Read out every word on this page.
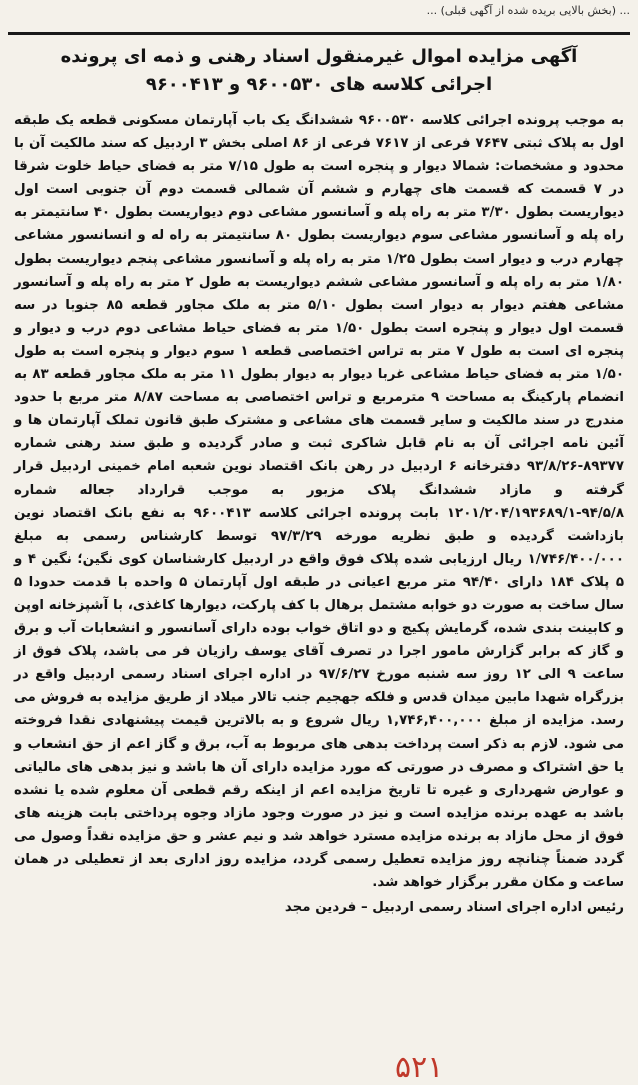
... (بخش بالایی بریده شده از آگهی قبلی) ...
آگهی مزایده اموال غیرمنقول اسناد رهنی و ذمه ای پرونده
اجرائی کلاسه های ۹۶۰۰۵۳۰ و ۹۶۰۰۴۱۳
به موجب پرونده اجرائی کلاسه ۹۶۰۰۵۳۰ ششدانگ یک باب آپارتمان مسکونی قطعه یک طبقه اول به پلاک ثبتی ۷۶۴۷ فرعی از ۷۶۱۷ فرعی از ۸۶ اصلی بخش ۳ اردبیل که سند مالکیت آن با محدود و مشخصات: شمالا دیوار و پنجره است به طول ۷/۱۵ متر به فضای حیاط خلوت شرقا در ۷ قسمت که قسمت های چهارم و ششم آن شمالی قسمت دوم آن جنوبی است اول دیواریست بطول ۳/۳۰ متر به راه پله و آسانسور مشاعی دوم دیواریست بطول ۴۰ سانتیمتر به راه پله و آسانسور مشاعی سوم دیواریست بطول ۸۰ سانتیمتر به راه له و انسانسور مشاعی چهارم درب و دیوار است بطول ۱/۲۵ متر به راه پله و آسانسور مشاعی پنجم دیواریست بطول ۱/۸۰ متر به راه پله و آسانسور مشاعی ششم دیواریست به طول ۲ متر به راه پله و آسانسور مشاعی هفتم دیوار به دیوار است بطول ۵/۱۰ متر به ملک مجاور قطعه ۸۵ جنوبا در سه قسمت اول دیوار و پنجره است بطول ۱/۵۰ متر به فضای حیاط مشاعی دوم درب و دیوار و پنجره ای است به طول ۷ متر به تراس اختصاصی قطعه ۱ سوم دیوار و پنجره است به طول ۱/۵۰ متر به فضای حیاط مشاعی غربا دیوار به دیوار بطول ۱۱ متر به ملک مجاور قطعه ۸۳ به انضمام پارکینگ به مساحت ۹ مترمربع و تراس اختصاصی به مساحت ۸/۸۷ متر مربع با حدود مندرج در سند مالکیت و سایر قسمت های مشاعی و مشترک طبق قانون تملک آپارتمان ها و آئین نامه اجرائی آن به نام قابل شاکری ثبت و صادر گردیده و طبق سند رهنی شماره ۸۹۳۷۷-۹۳/۸/۲۶ دفترخانه ۶ اردبیل در رهن بانک اقتصاد نوین شعبه امام خمینی اردبیل قرار گرفته و مازاد ششدانگ پلاک مزبور به موجب قرارداد جعاله شماره ۹۴/۵/۸-۱۲۰۱/۲۰۴/۱۹۳۶۸۹/۱ بابت پرونده اجرائی کلاسه ۹۶۰۰۴۱۳ به نفع بانک اقتصاد نوین بازداشت گردیده و طبق نظریه مورخه ۹۷/۳/۲۹ توسط کارشناس رسمی به مبلغ ۱/۷۴۶/۴۰۰/۰۰۰ ریال ارزیابی شده پلاک فوق واقع در اردبیل کارشناسان کوی نگین؛ نگین ۴ و ۵ پلاک ۱۸۴ دارای ۹۴/۴۰ متر مربع اعیانی در طبقه اول آپارتمان ۵ واحده با قدمت حدودا ۵ سال ساخت به صورت دو خوابه مشتمل برهال با کف پارکت، دیوارها کاغذی، با آشپزخانه اوپن و کابینت بندی شده، گرمایش پکیج و دو اتاق خواب بوده دارای آسانسور و انشعابات آب و برق و گاز که برابر گزارش مامور اجرا در تصرف آقای یوسف رازیان فر می باشد، پلاک فوق از ساعت ۹ الی ۱۲ روز سه شنبه مورخ ۹۷/۶/۲۷ در اداره اجرای اسناد رسمی اردبیل واقع در بزرگراه شهدا مابین میدان قدس و فلکه جهجیم جنب تالار میلاد از طریق مزایده به فروش می رسد. مزایده از مبلغ ۱,۷۴۶,۴۰۰,۰۰۰ ریال شروع و به بالاترین قیمت پیشنهادی نقدا فروخته می شود. لازم به ذکر است پرداخت بدهی های مربوط به آب، برق و گاز اعم از حق انشعاب و یا حق اشتراک و مصرف در صورتی که مورد مزایده دارای آن ها باشد و نیز بدهی های مالیاتی و عوارض شهرداری و غیره تا تاریخ مزایده اعم از اینکه رقم قطعی آن معلوم شده یا نشده باشد به عهده برنده مزایده است و نیز در صورت وجود مازاد وجوه پرداختی بابت هزینه های فوق از محل مازاد به برنده مزایده مسترد خواهد شد و نیم عشر و حق مزایده نقداً وصول می گردد ضمناً چنانچه روز مزایده تعطیل رسمی گردد، مزایده روز اداری بعد از تعطیلی در همان ساعت و مکان مقرر برگزار خواهد شد.
رئیس اداره اجرای اسناد رسمی اردبیل – فردین مجد
۵۲۱
